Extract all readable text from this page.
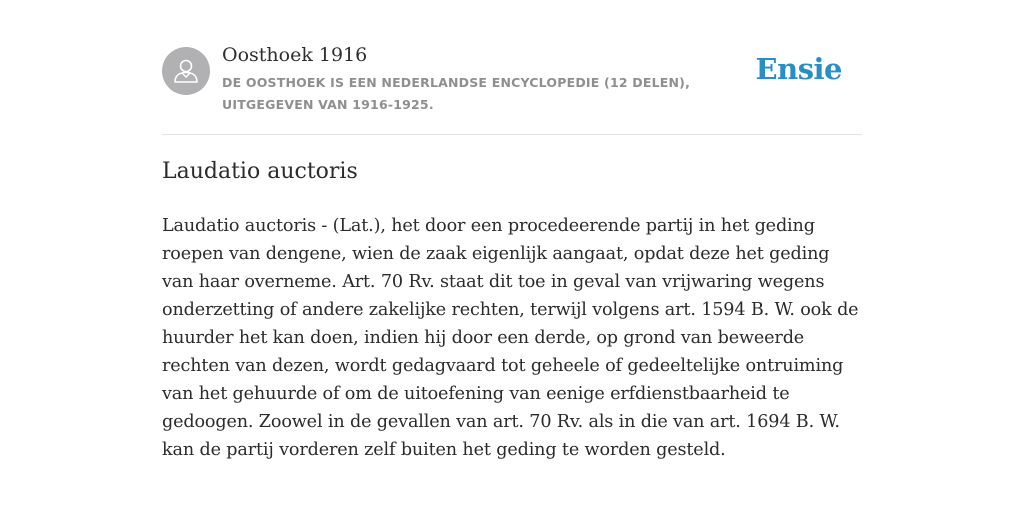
Oosthoek 1916
DE OOSTHOEK IS EEN NEDERLANDSE ENCYCLOPEDIE (12 DELEN), UITGEGEVEN VAN 1916-1925.
Ensie
Laudatio auctoris

Laudatio auctoris - (Lat.), het door een procedeerende partij in het geding roepen van dengene, wien de zaak eigenlijk aangaat, opdat deze het geding van haar overneme. Art. 70 Rv. staat dit toe in geval van vrijwaring wegens onderzetting of andere zakelijke rechten, terwijl volgens art. 1594 B. W. ook de huurder het kan doen, indien hij door een derde, op grond van beweerde rechten van dezen, wordt gedagvaard tot geheele of gedeeltelijke ontruiming van het gehuurde of om de uitoefening van eenige erfdienstbaarheid te gedoogen. Zoowel in de gevallen van art. 70 Rv. als in die van art. 1694 B. W. kan de partij vorderen zelf buiten het geding te worden gesteld.
